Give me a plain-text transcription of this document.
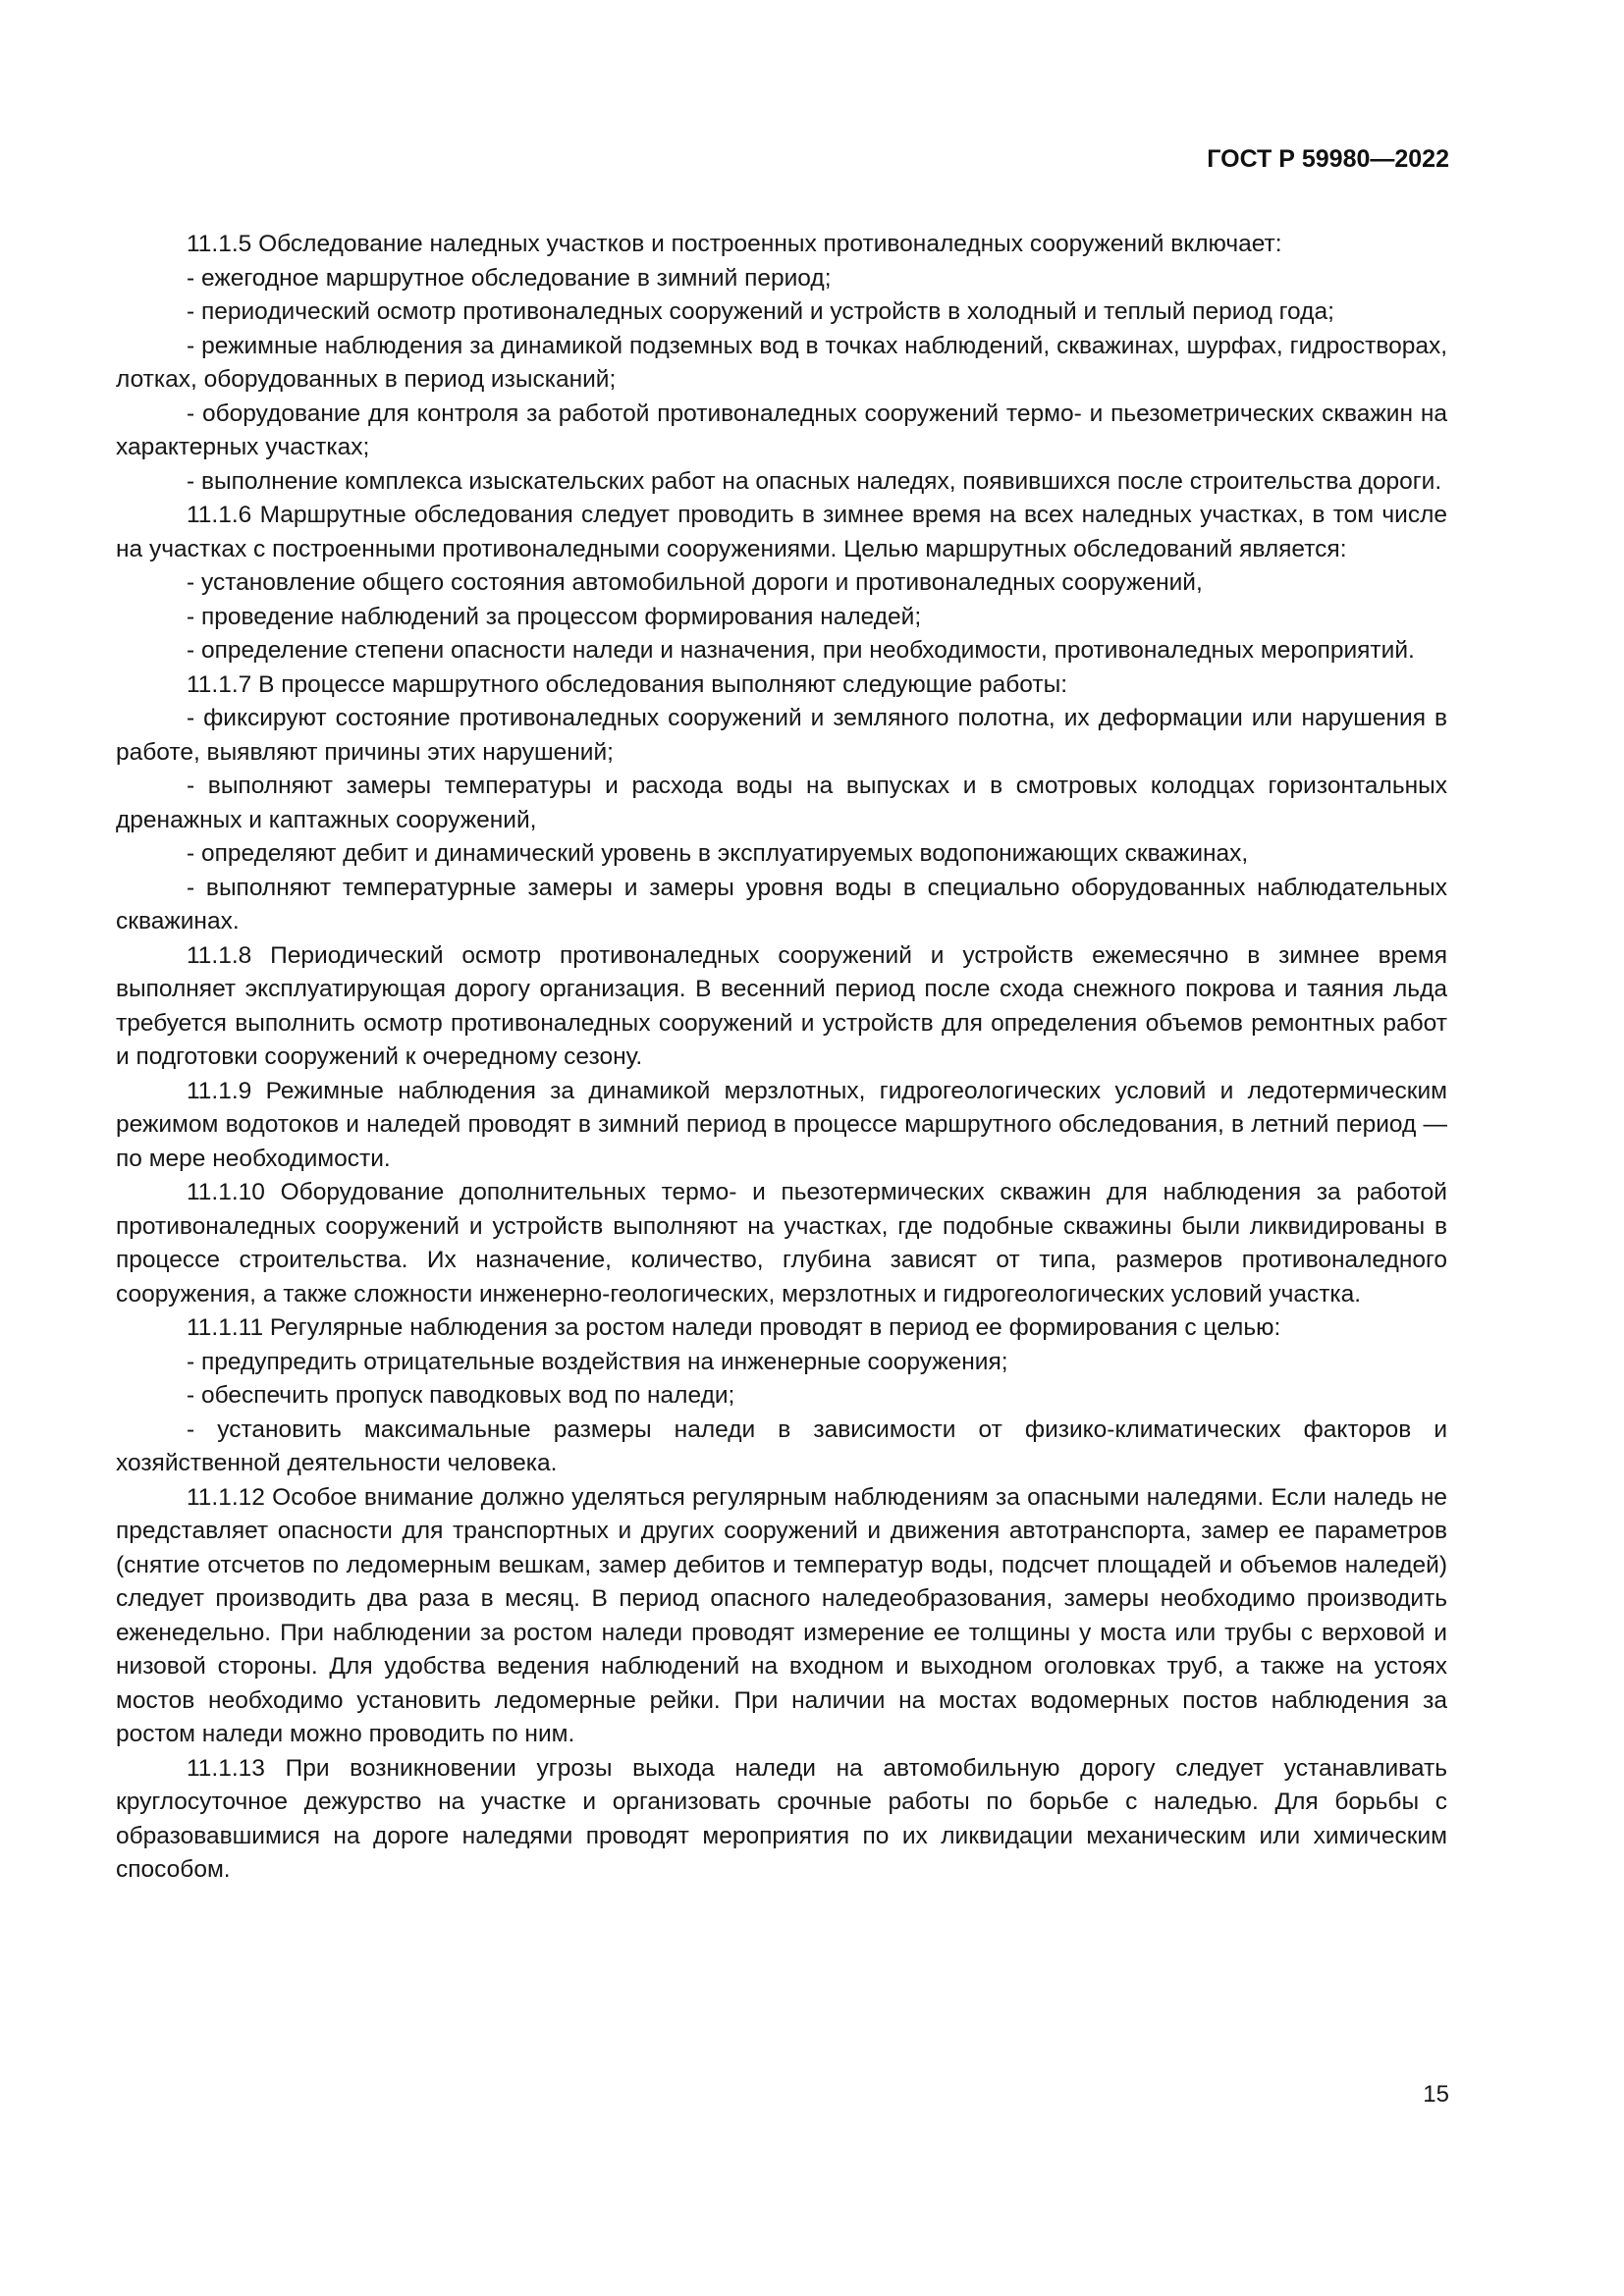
ГОСТ Р 59980—2022

11.1.5 Обследование наледных участков и построенных противоналедных сооружений включает:

- ежегодное маршрутное обследование в зимний период;

- периодический осмотр противоналедных сооружений и устройств в холодный и теплый период года;

- режимные наблюдения за динамикой подземных вод в точках наблюдений, скважинах, шурфах, гидростворах, лотках, оборудованных в период изысканий;

- оборудование для контроля за работой противоналедных сооружений термо- и пьезометрических скважин на характерных участках;

- выполнение комплекса изыскательских работ на опасных наледях, появившихся после строительства дороги.

11.1.6 Маршрутные обследования следует проводить в зимнее время на всех наледных участках, в том числе на участках с построенными противоналедными сооружениями. Целью маршрутных обследований является:

- установление общего состояния автомобильной дороги и противоналедных сооружений,

- проведение наблюдений за процессом формирования наледей;

- определение степени опасности наледи и назначения, при необходимости, противоналедных мероприятий.

11.1.7 В процессе маршрутного обследования выполняют следующие работы:

- фиксируют состояние противоналедных сооружений и земляного полотна, их деформации или нарушения в работе, выявляют причины этих нарушений;

- выполняют замеры температуры и расхода воды на выпусках и в смотровых колодцах горизонтальных дренажных и каптажных сооружений,

- определяют дебит и динамический уровень в эксплуатируемых водопонижающих скважинах,

- выполняют температурные замеры и замеры уровня воды в специально оборудованных наблюдательных скважинах.

11.1.8 Периодический осмотр противоналедных сооружений и устройств ежемесячно в зимнее время выполняет эксплуатирующая дорогу организация. В весенний период после схода снежного покрова и таяния льда требуется выполнить осмотр противоналедных сооружений и устройств для определения объемов ремонтных работ и подготовки сооружений к очередному сезону.

11.1.9 Режимные наблюдения за динамикой мерзлотных, гидрогеологических условий и ледотермическим режимом водотоков и наледей проводят в зимний период в процессе маршрутного обследования, в летний период — по мере необходимости.

11.1.10 Оборудование дополнительных термо- и пьезотермических скважин для наблюдения за работой противоналедных сооружений и устройств выполняют на участках, где подобные скважины были ликвидированы в процессе строительства. Их назначение, количество, глубина зависят от типа, размеров противоналедного сооружения, а также сложности инженерно-геологических, мерзлотных и гидрогеологических условий участка.

11.1.11 Регулярные наблюдения за ростом наледи проводят в период ее формирования с целью:

- предупредить отрицательные воздействия на инженерные сооружения;

- обеспечить пропуск паводковых вод по наледи;

- установить максимальные размеры наледи в зависимости от физико-климатических факторов и хозяйственной деятельности человека.

11.1.12 Особое внимание должно уделяться регулярным наблюдениям за опасными наледями. Если наледь не представляет опасности для транспортных и других сооружений и движения автотранспорта, замер ее параметров (снятие отсчетов по ледомерным вешкам, замер дебитов и температур воды, подсчет площадей и объемов наледей) следует производить два раза в месяц. В период опасного наледеобразования, замеры необходимо производить еженедельно. При наблюдении за ростом наледи проводят измерение ее толщины у моста или трубы с верховой и низовой стороны. Для удобства ведения наблюдений на входном и выходном оголовках труб, а также на устоях мостов необходимо установить ледомерные рейки. При наличии на мостах водомерных постов наблюдения за ростом наледи можно проводить по ним.

11.1.13 При возникновении угрозы выхода наледи на автомобильную дорогу следует устанавливать круглосуточное дежурство на участке и организовать срочные работы по борьбе с наледью. Для борьбы с образовавшимися на дороге наледями проводят мероприятия по их ликвидации механическим или химическим способом.

15
